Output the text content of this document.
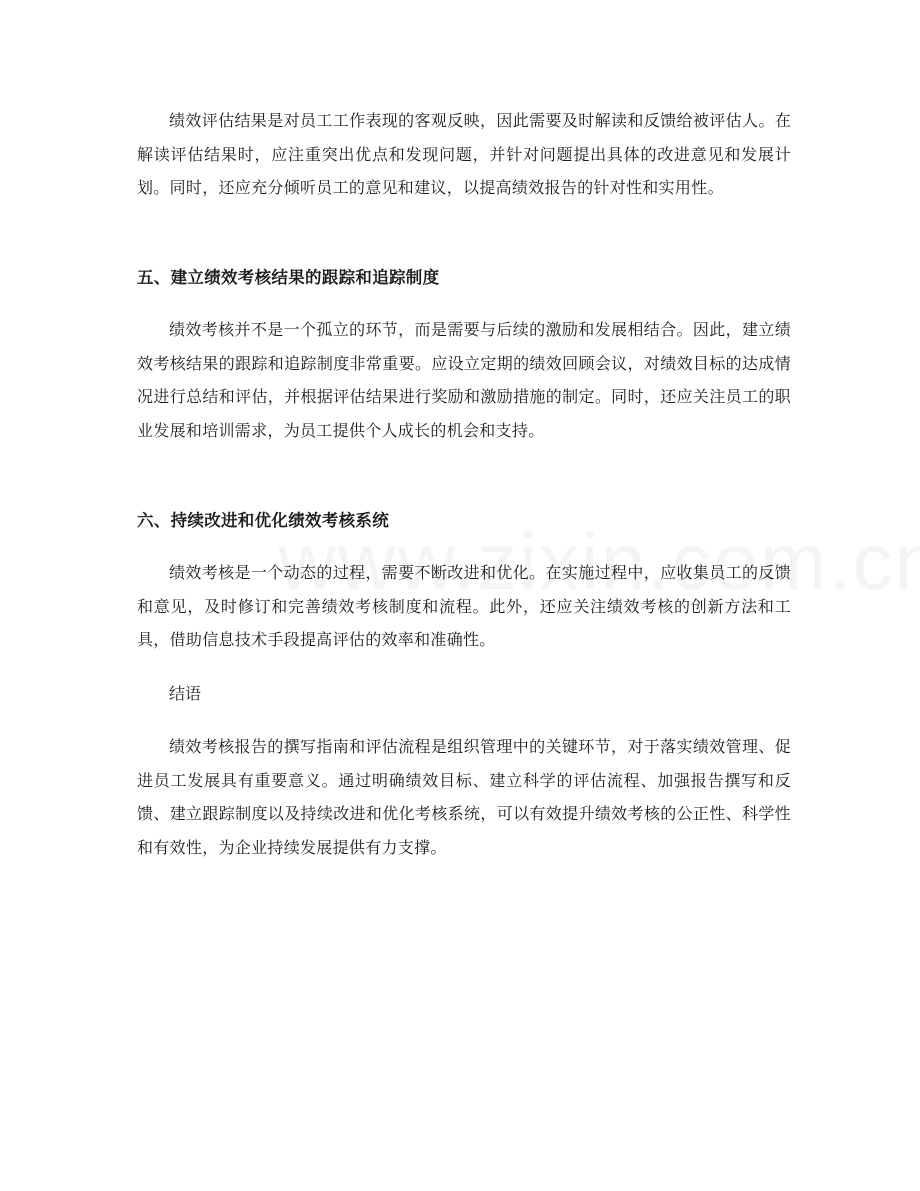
绩效评估结果是对员工工作表现的客观反映，因此需要及时解读和反馈给被评估人。在解读评估结果时，应注重突出优点和发现问题，并针对问题提出具体的改进意见和发展计划。同时，还应充分倾听员工的意见和建议，以提高绩效报告的针对性和实用性。

五、建立绩效考核结果的跟踪和追踪制度

绩效考核并不是一个孤立的环节，而是需要与后续的激励和发展相结合。因此，建立绩效考核结果的跟踪和追踪制度非常重要。应设立定期的绩效回顾会议，对绩效目标的达成情况进行总结和评估，并根据评估结果进行奖励和激励措施的制定。同时，还应关注员工的职业发展和培训需求，为员工提供个人成长的机会和支持。

六、持续改进和优化绩效考核系统

绩效考核是一个动态的过程，需要不断改进和优化。在实施过程中，应收集员工的反馈和意见，及时修订和完善绩效考核制度和流程。此外，还应关注绩效考核的创新方法和工具，借助信息技术手段提高评估的效率和准确性。

结语

绩效考核报告的撰写指南和评估流程是组织管理中的关键环节，对于落实绩效管理、促进员工发展具有重要意义。通过明确绩效目标、建立科学的评估流程、加强报告撰写和反馈、建立跟踪制度以及持续改进和优化考核系统，可以有效提升绩效考核的公正性、科学性和有效性，为企业持续发展提供有力支撑。
